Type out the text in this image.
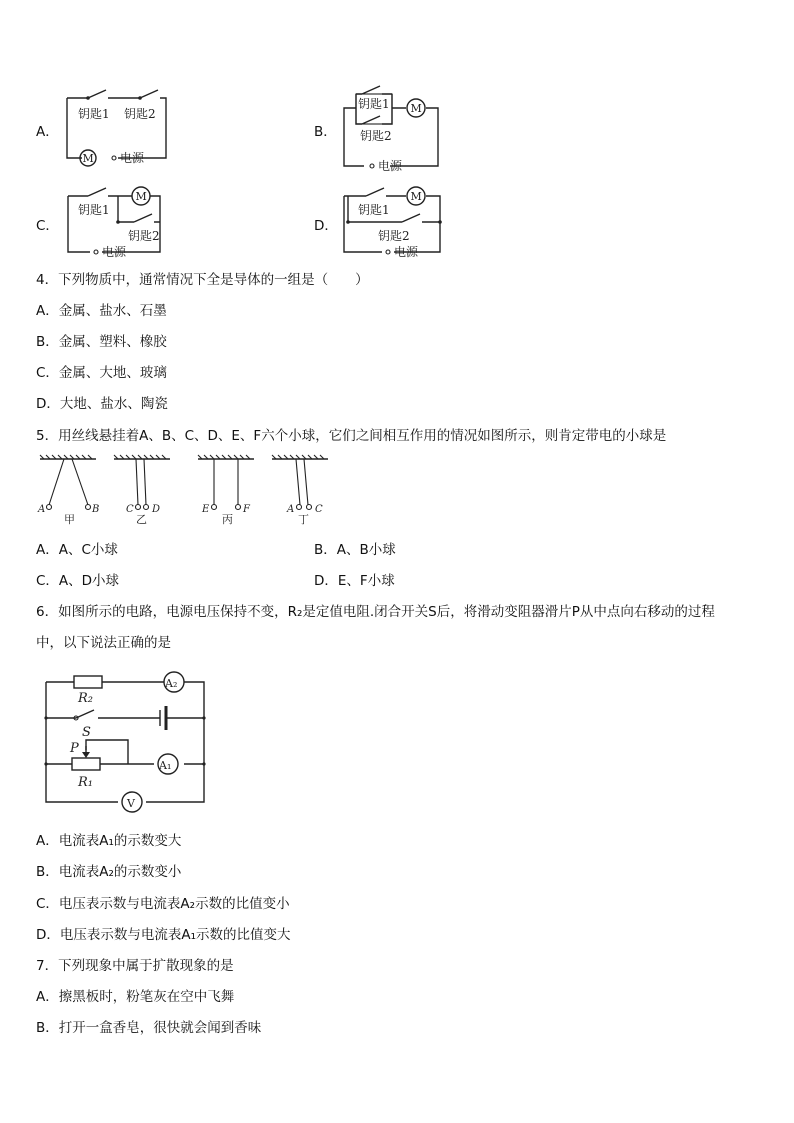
A．	B．
C．	D．
钥匙1 钥匙2
M 电源
钥匙1
钥匙2
M
电源
钥匙1
钥匙2
M
电源
钥匙1
钥匙2
M
电源
4．下列物质中，通常情况下全是导体的一组是（　　）
A．金属、盐水、石墨
B．金属、塑料、橡胶
C．金属、大地、玻璃
D．大地、盐水、陶瓷
5．用丝线悬挂着A、B、C、D、E、F六个小球，它们之间相互作用的情况如图所示，则肯定带电的小球是
A	B
甲
C D
乙
E	F
丙
A C
丁
A．A、C小球	B．A、B小球
C．A、D小球	D．E、F小球
6．如图所示的电路，电源电压保持不变，R₂是定值电阻.闭合开关S后，将滑动变阻器滑片P从中点向右移动的过程
中，以下说法正确的是
R₂
A₂
S
P
R₁
A₁
V
A．电流表A₁的示数变大
B．电流表A₂的示数变小
C．电压表示数与电流表A₂示数的比值变小
D．电压表示数与电流表A₁示数的比值变大
7．下列现象中属于扩散现象的是
A．擦黑板时，粉笔灰在空中飞舞
B．打开一盒香皂，很快就会闻到香味
